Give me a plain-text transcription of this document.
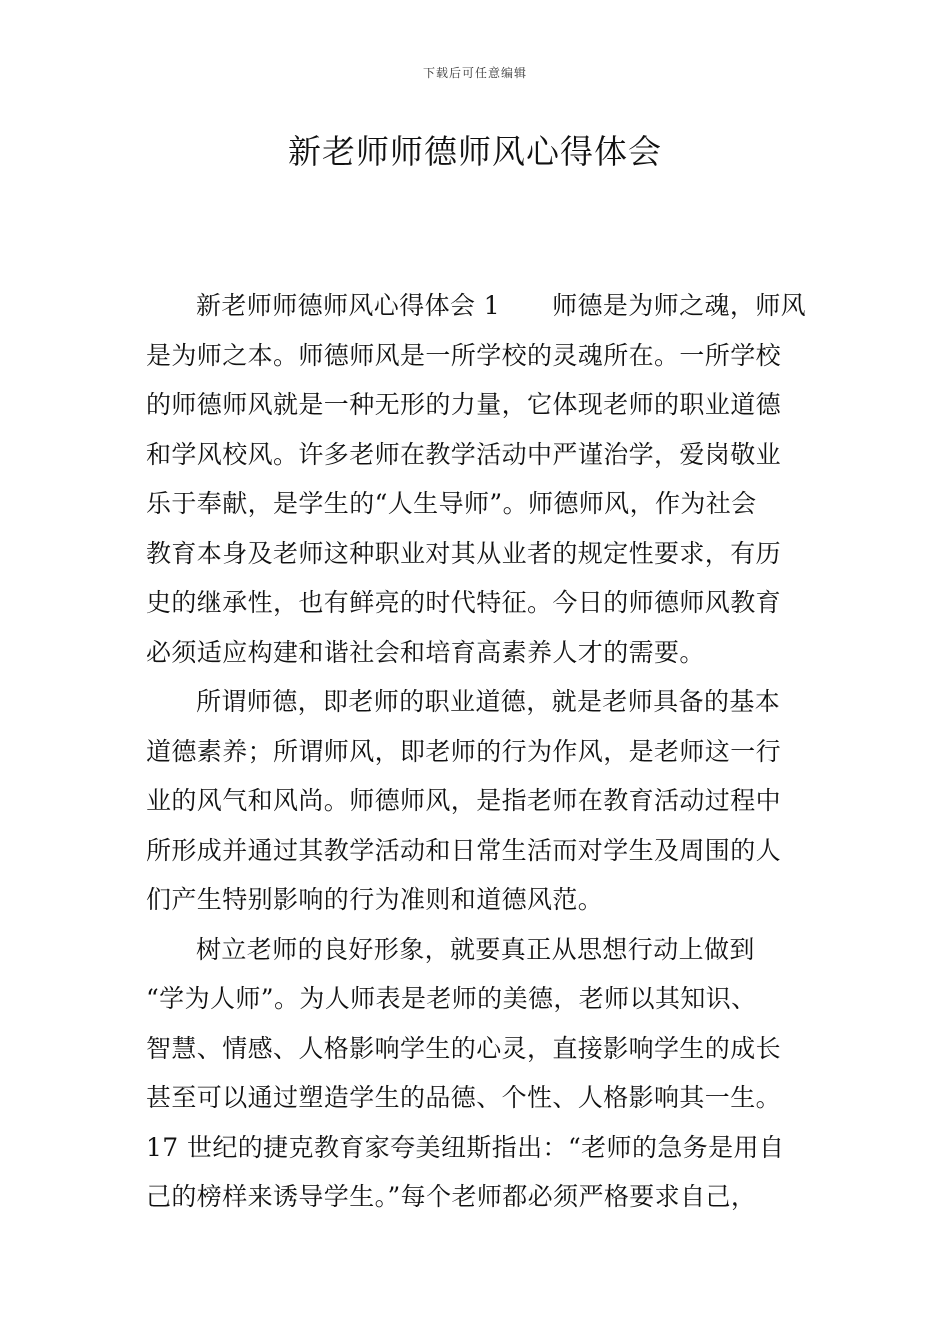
下载后可任意编辑
新老师师德师风心得体会
新老师师德师风心得体会 1 师德是为师之魂，师风
是为师之本。师德师风是一所学校的灵魂所在。一所学校
的师德师风就是一种无形的力量，它体现老师的职业道德
和学风校风。许多老师在教学活动中严谨治学，爱岗敬业
乐于奉献，是学生的“人生导师”。师德师风，作为社会
教育本身及老师这种职业对其从业者的规定性要求，有历
史的继承性，也有鲜亮的时代特征。今日的师德师风教育
必须适应构建和谐社会和培育高素养人才的需要。
所谓师德，即老师的职业道德，就是老师具备的基本
道德素养；所谓师风，即老师的行为作风，是老师这一行
业的风气和风尚。师德师风，是指老师在教育活动过程中
所形成并通过其教学活动和日常生活而对学生及周围的人
们产生特别影响的行为准则和道德风范。
树立老师的良好形象，就要真正从思想行动上做到
“学为人师”。为人师表是老师的美德，老师以其知识、
智慧、情感、人格影响学生的心灵，直接影响学生的成长
甚至可以通过塑造学生的品德、个性、人格影响其一生。
17 世纪的捷克教育家夸美纽斯指出：“老师的急务是用自
己的榜样来诱导学生。”每个老师都必须严格要求自己，
